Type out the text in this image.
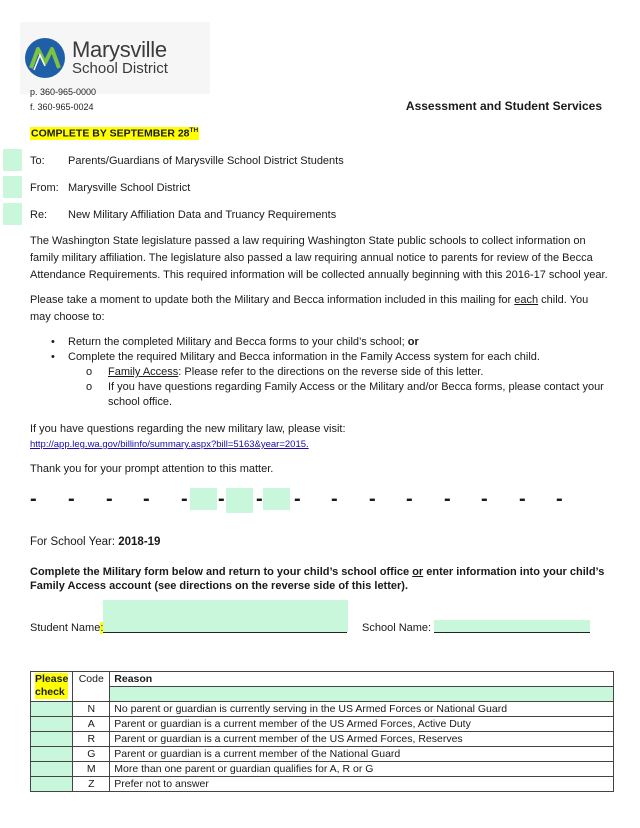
Marysville
School District
p. 360-965-0000
f. 360-965-0024	Assessment and Student Services
COMPLETE BY SEPTEMBER 28TH
To: Parents/Guardians of Marysville School District Students
From: Marysville School District
Re: New Military Affiliation Data and Truancy Requirements
The Washington State legislature passed a law requiring Washington State public schools to collect information on family military affiliation. The legislature also passed a law requiring annual notice to parents for review of the Becca Attendance Requirements. This required information will be collected annually beginning with this 2016-17 school year.
Please take a moment to update both the Military and Becca information included in this mailing for each child. You may choose to:
• Return the completed Military and Becca forms to your child’s school; or
• Complete the required Military and Becca information in the Family Access system for each child.
o Family Access: Please refer to the directions on the reverse side of this letter.
o If you have questions regarding Family Access or the Military and/or Becca forms, please contact your school office.
If you have questions regarding the new military law, please visit:
http://app.leg.wa.gov/billinfo/summary.aspx?bill=5163&year=2015.
Thank you for your prompt attention to this matter.
- - - - - - - - - - - - - - -
For School Year: 2018-19
Complete the Military form below and return to your child’s school office or enter information into your child’s Family Access account (see directions on the reverse side of this letter).
Student Name:	School Name:
Please check	Code	Reason

	N	No parent or guardian is currently serving in the US Armed Forces or National Guard
	A	Parent or guardian is a current member of the US Armed Forces, Active Duty
	R	Parent or guardian is a current member of the US Armed Forces, Reserves
	G	Parent or guardian is a current member of the National Guard
	M	More than one parent or guardian qualifies for A, R or G
	Z	Prefer not to answer
